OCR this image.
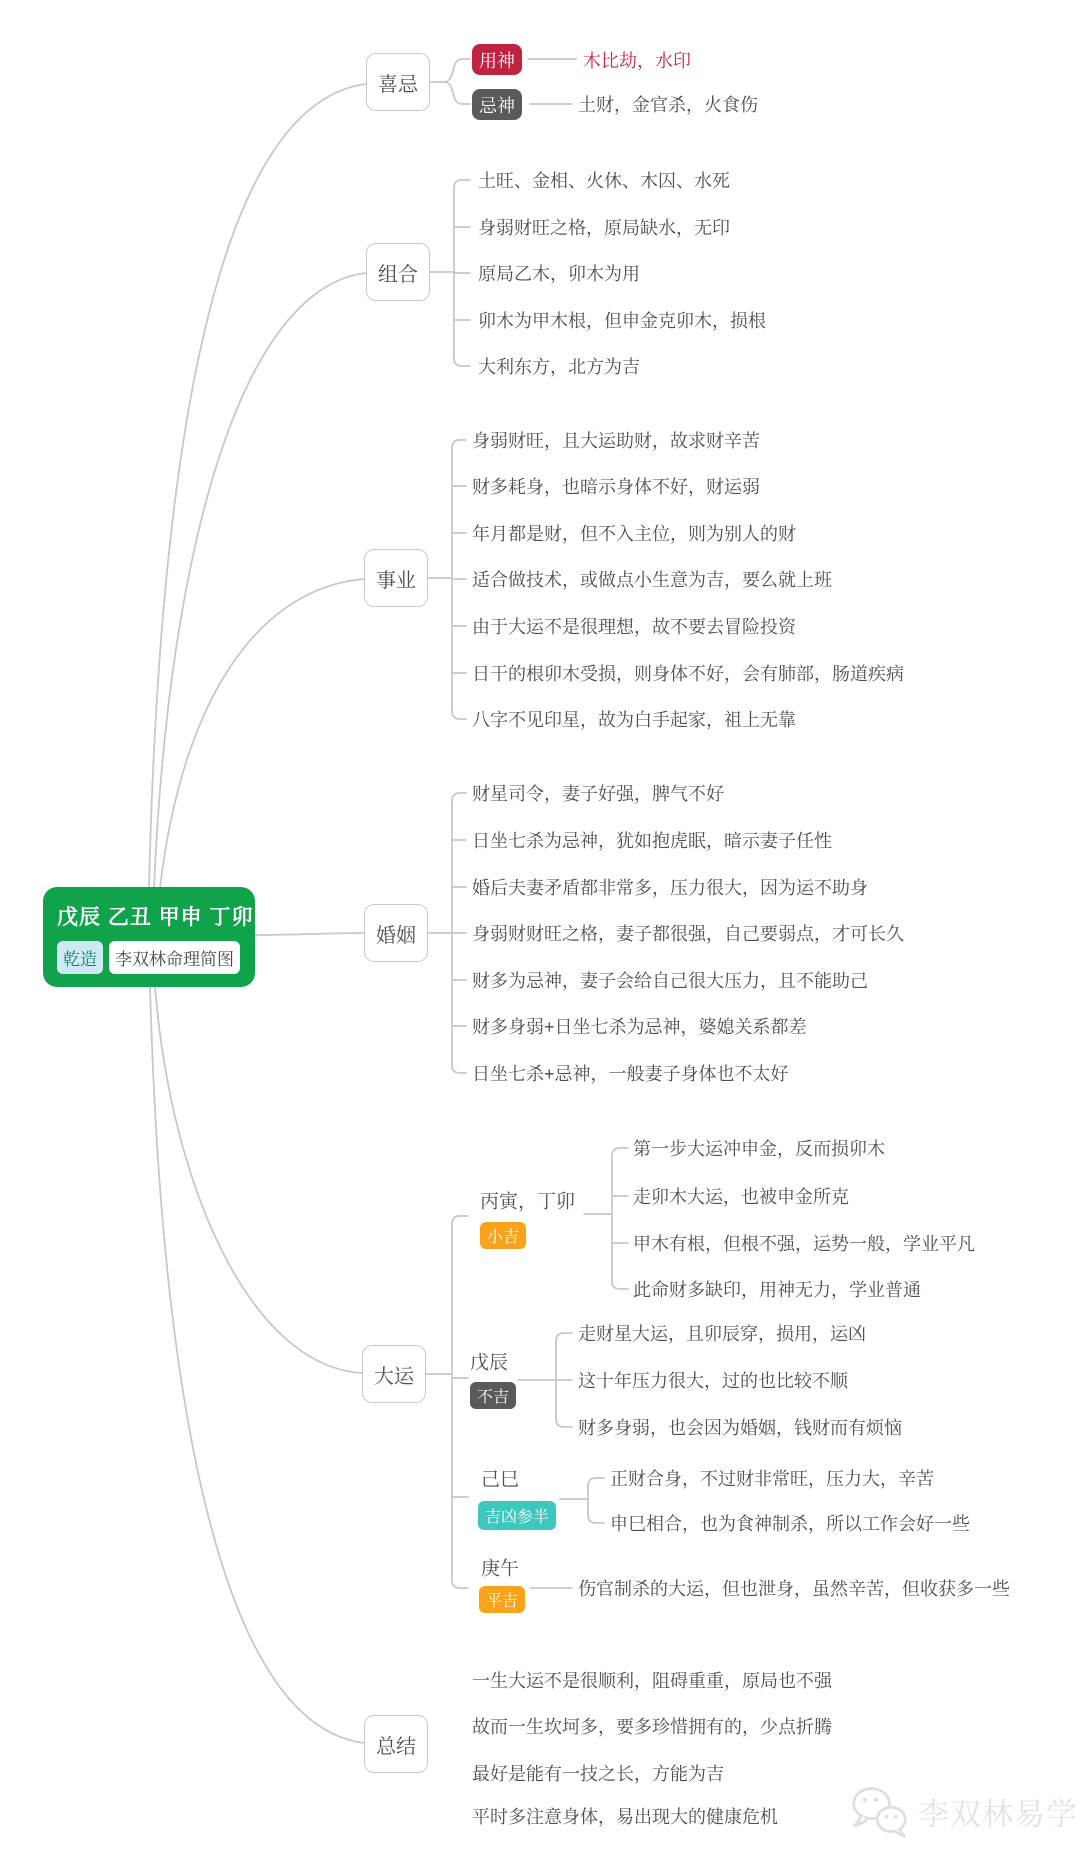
戊辰 乙丑 甲申 丁卯
乾造	李双林命理简图
喜忌
组合
事业
婚姻
大运
总结
用神	木比劫，水印
忌神	土财，金官杀，火食伤
土旺、金相、火休、木囚、水死
身弱财旺之格，原局缺水，无印
原局乙木，卯木为用
卯木为甲木根，但申金克卯木，损根
大利东方，北方为吉
身弱财旺，且大运助财，故求财辛苦
财多耗身，也暗示身体不好，财运弱
年月都是财，但不入主位，则为别人的财
适合做技术，或做点小生意为吉，要么就上班
由于大运不是很理想，故不要去冒险投资
日干的根卯木受损，则身体不好，会有肺部，肠道疾病
八字不见印星，故为白手起家，祖上无靠
财星司令，妻子好强，脾气不好
日坐七杀为忌神，犹如抱虎眠，暗示妻子任性
婚后夫妻矛盾都非常多，压力很大，因为运不助身
身弱财财旺之格，妻子都很强，自己要弱点，才可长久
财多为忌神，妻子会给自己很大压力，且不能助己
财多身弱+日坐七杀为忌神，婆媳关系都差
日坐七杀+忌神，一般妻子身体也不太好
丙寅，丁卯
小吉
第一步大运冲申金，反而损卯木
走卯木大运，也被申金所克
甲木有根，但根不强，运势一般，学业平凡
此命财多缺印，用神无力，学业普通
戊辰
不吉
走财星大运，且卯辰穿，损用，运凶
这十年压力很大，过的也比较不顺
财多身弱，也会因为婚姻，钱财而有烦恼
己巳
吉凶参半
正财合身，不过财非常旺，压力大，辛苦
申巳相合，也为食神制杀，所以工作会好一些
庚午
平吉
伤官制杀的大运，但也泄身，虽然辛苦，但收获多一些
一生大运不是很顺利，阻碍重重，原局也不强
故而一生坎坷多，要多珍惜拥有的，少点折腾
最好是能有一技之长，方能为吉
平时多注意身体，易出现大的健康危机	李双林易学
